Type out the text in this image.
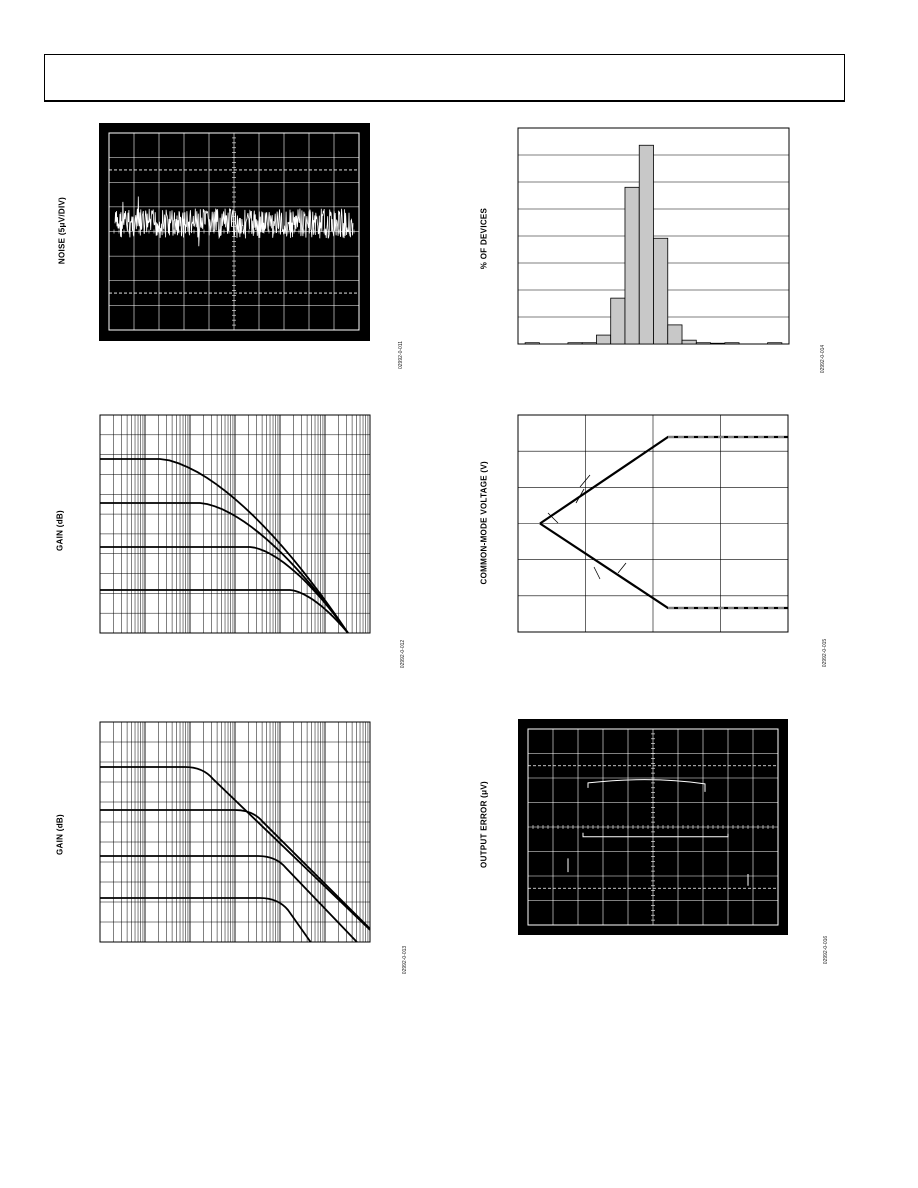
NOISE (5μV/DIV)
02992-0-011
% OF DEVICES
02992-0-014
GAIN (dB)
02992-0-012
COMMON-MODE VOLTAGE (V)
02992-0-015
GAIN (dB)
02992-0-013
OUTPUT ERROR (μV)
02992-0-016
